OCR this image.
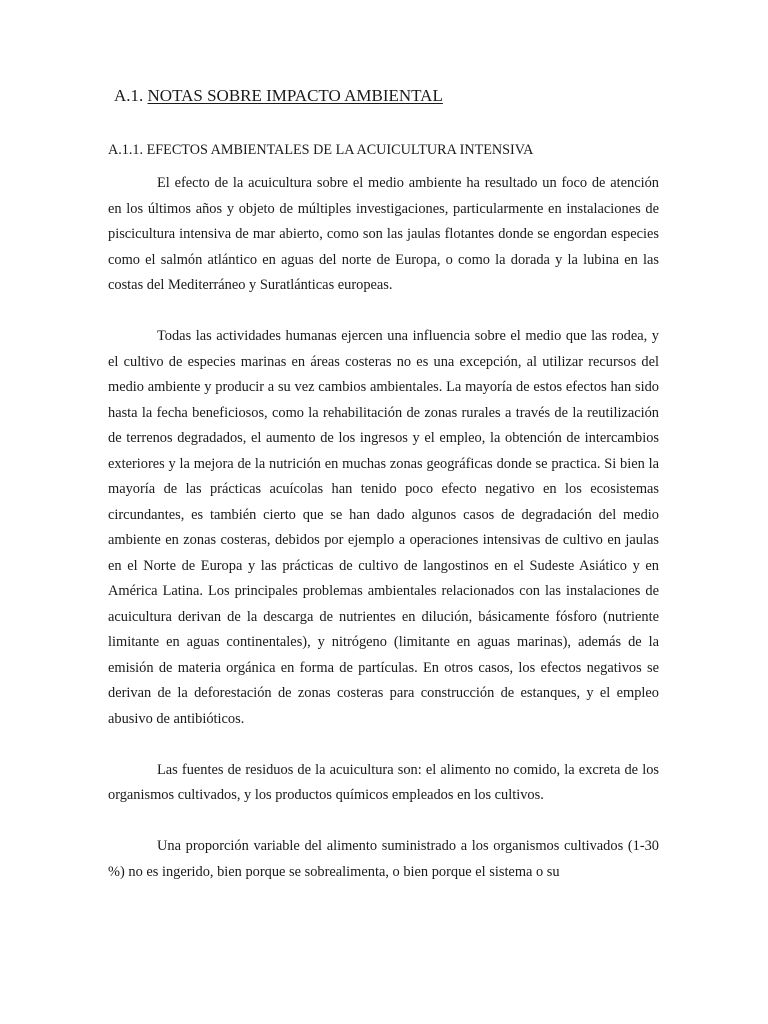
A.1. NOTAS SOBRE IMPACTO AMBIENTAL
A.1.1. EFECTOS AMBIENTALES DE LA ACUICULTURA INTENSIVA

El efecto de la acuicultura sobre el medio ambiente ha resultado un foco de atención en los últimos años y objeto de múltiples investigaciones, particularmente en instalaciones de piscicultura intensiva de mar abierto, como son las jaulas flotantes donde se engordan especies como el salmón atlántico en aguas del norte de Europa, o como la dorada y la lubina en las costas del Mediterráneo y Suratlánticas europeas.

Todas las actividades humanas ejercen una influencia sobre el medio que las rodea, y el cultivo de especies marinas en áreas costeras no es una excepción, al utilizar recursos del medio ambiente y producir a su vez cambios ambientales. La mayoría de estos efectos han sido hasta la fecha beneficiosos, como la rehabilitación de zonas rurales a través de la reutilización de terrenos degradados, el aumento de los ingresos y el empleo, la obtención de intercambios exteriores y la mejora de la nutrición en muchas zonas geográficas donde se practica. Si bien la mayoría de las prácticas acuícolas han tenido poco efecto negativo en los ecosistemas circundantes, es también cierto que se han dado algunos casos de degradación del medio ambiente en zonas costeras, debidos por ejemplo a operaciones intensivas de cultivo en jaulas en el Norte de Europa y las prácticas de cultivo de langostinos en el Sudeste Asiático y en América Latina. Los principales problemas ambientales relacionados con las instalaciones de acuicultura derivan de la descarga de nutrientes en dilución, básicamente fósforo (nutriente limitante en aguas continentales), y nitrógeno (limitante en aguas marinas), además de la emisión de materia orgánica en forma de partículas. En otros casos, los efectos negativos se derivan de la deforestación de zonas costeras para construcción de estanques, y el empleo abusivo de antibióticos.

Las fuentes de residuos de la acuicultura son: el alimento no comido, la excreta de los organismos cultivados, y los productos químicos empleados en los cultivos.

Una proporción variable del alimento suministrado a los organismos cultivados (1-30 %) no es ingerido, bien porque se sobrealimenta, o bien porque el sistema o su
